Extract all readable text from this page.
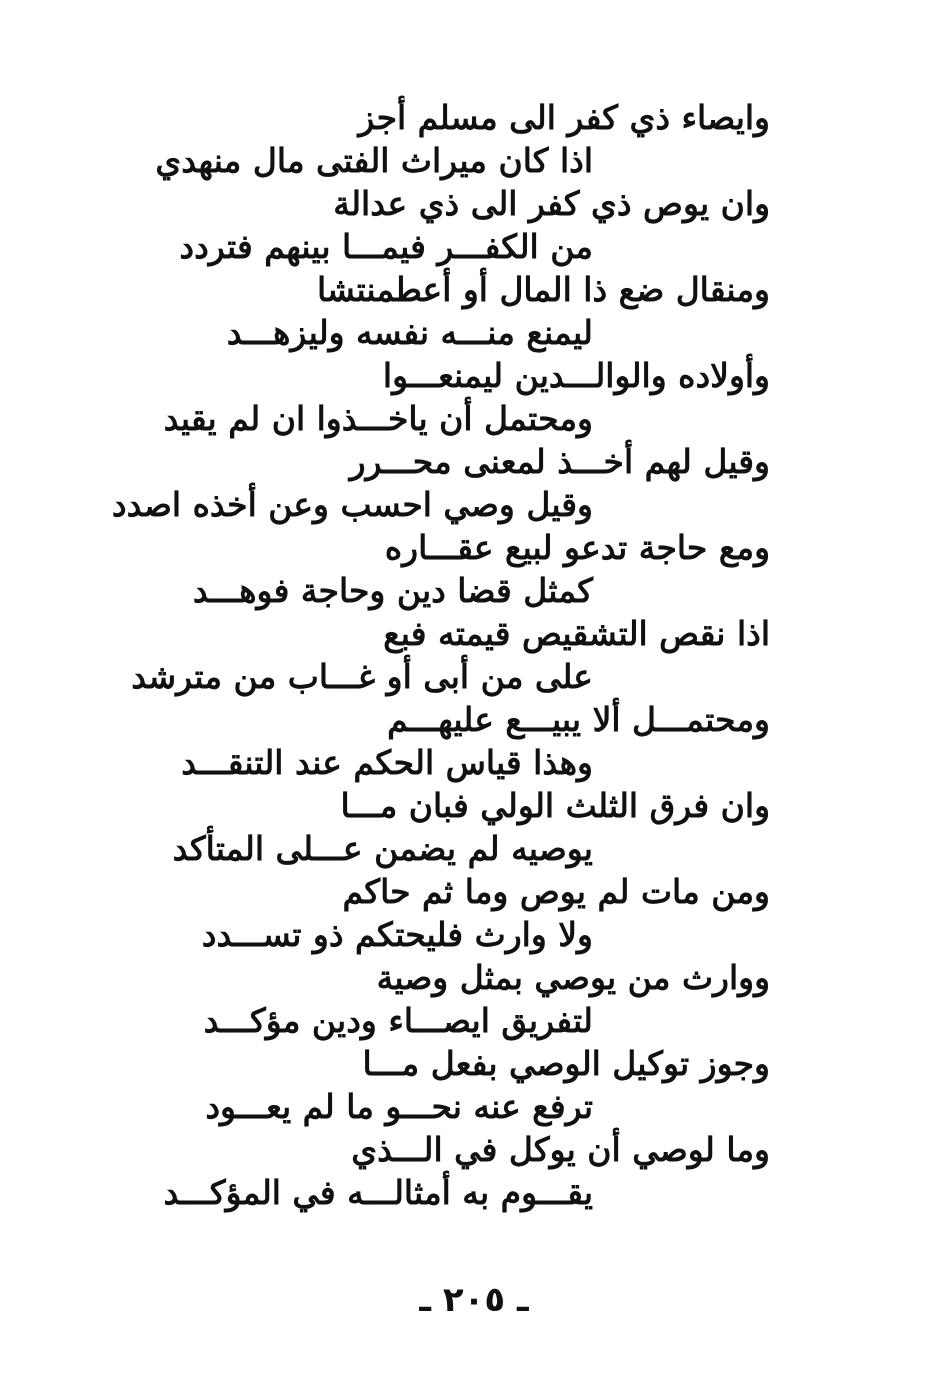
وايصاء ذي كفر الى مسلم أجز
اذا كان ميراث الفتى مال منهدي
وان يوص ذي كفر الى ذي عدالة
من الكفـــر فيمـــا بينهم فتردد
ومنقال ضع ذا المال أو أعطمنتشا
ليمنع منـــه نفسه وليزهـــد
وأولاده والوالـــدين ليمنعـــوا
ومحتمل أن ياخـــذوا ان لم يقيد
وقيل لهم أخـــذ لمعنى محـــرر
وقيل وصي احسب وعن أخذه اصدد
ومع حاجة تدعو لبيع عقـــاره
كمثل قضا دين وحاجة فوهـــد
اذا نقص التشقيص قيمته فبع
على من أبى أو غـــاب من مترشد
ومحتمـــل ألا يبيـــع عليهـــم
وهذا قياس الحكم عند التنقـــد
وان فرق الثلث الولي فبان مـــا
يوصيه لم يضمن عـــلى المتأكد
ومن مات لم يوص وما ثم حاكم
ولا وارث فليحتكم ذو تســـدد
ووارث من يوصي بمثل وصية
لتفريق ايصـــاء ودين مؤكـــد
وجوز توكيل الوصي بفعل مـــا
ترفع عنه نحـــو ما لم يعـــود
وما لوصي أن يوكل في الـــذي
يقـــوم به أمثالـــه في المؤكـــد
ـ ٢٠٥ ـ
